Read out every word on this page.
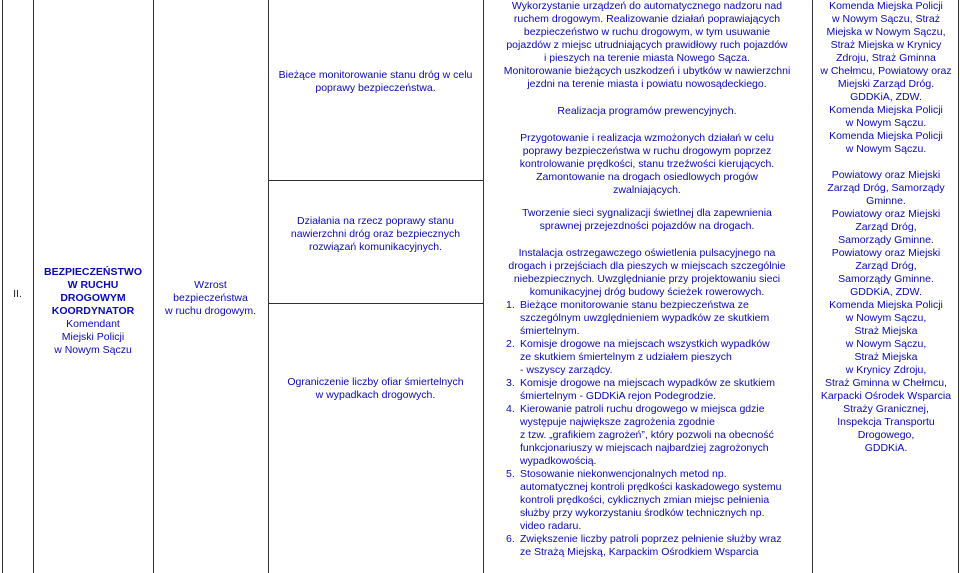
II.
BEZPIECZEŃSTWO
W RUCHU
DROGOWYM
KOORDYNATOR
Komendant
Miejski Policji
w Nowym Sączu
Wzrost
bezpieczeństwa
w ruchu drogowym.
Bieżące monitorowanie stanu dróg w celu
poprawy bezpieczeństwa.
Działania na rzecz poprawy stanu
nawierzchni dróg oraz bezpiecznych
rozwiązań komunikacyjnych.
Ograniczenie liczby ofiar śmiertelnych
w wypadkach drogowych.
Wykorzystanie urządzeń do automatycznego nadzoru nad
ruchem drogowym. Realizowanie działań poprawiających
bezpieczeństwo w ruchu drogowym, w tym usuwanie
pojazdów z miejsc utrudniających prawidłowy ruch pojazdów
i pieszych na terenie miasta Nowego Sącza.
Monitorowanie bieżących uszkodzeń i ubytków w nawierzchni
jezdni na terenie miasta i powiatu nowosądeckiego.
Realizacja programów prewencyjnych.
Przygotowanie i realizacja wzmożonych działań w celu
poprawy bezpieczeństwa w ruchu drogowym poprzez
kontrolowanie prędkości, stanu trzeźwości kierujących.
Zamontowanie na drogach osiedlowych progów
zwalniających.
Tworzenie sieci sygnalizacji świetlnej dla zapewnienia
sprawnej przejezdności pojazdów na drogach.
Instalacja ostrzegawczego oświetlenia pulsacyjnego na
drogach i przejściach dla pieszych w miejscach szczególnie
niebezpiecznych. Uwzględnianie przy projektowaniu sieci
komunikacyjnej dróg budowy ścieżek rowerowych.
1. Bieżące monitorowanie stanu bezpieczeństwa ze
szczególnym uwzględnieniem wypadków ze skutkiem
śmiertelnym.
2. Komisje drogowe na miejscach wszystkich wypadków
ze skutkiem śmiertelnym z udziałem pieszych
- wszyscy zarządcy.
3. Komisje drogowe na miejscach wypadków ze skutkiem
śmiertelnym - GDDKiA rejon Podegrodzie.
4. Kierowanie patroli ruchu drogowego w miejsca gdzie
występuje największe zagrożenia zgodnie
z tzw. „grafikiem zagrożeń”, który pozwoli na obecność
funkcjonariuszy w miejscach najbardziej zagrożonych
wypadkowością.
5. Stosowanie niekonwencjonalnych metod np.
automatycznej kontroli prędkości kaskadowego systemu
kontroli prędkości, cyklicznych zmian miejsc pełnienia
służby przy wykorzystaniu środków technicznych np.
video radaru.
6. Zwiększenie liczby patroli poprzez pełnienie służby wraz
ze Strażą Miejską, Karpackim Ośrodkiem Wsparcia
Komenda Miejska Policji
w Nowym Sączu, Straż
Miejska w Nowym Sączu,
Straż Miejska w Krynicy
Zdroju, Straż Gminna
w Chełmcu, Powiatowy oraz
Miejski Zarząd Dróg.
GDDKiA, ZDW.
Komenda Miejska Policji
w Nowym Sączu.
Komenda Miejska Policji
w Nowym Sączu.
Powiatowy oraz Miejski
Zarząd Dróg, Samorządy
Gminne.
Powiatowy oraz Miejski
Zarząd Dróg,
Samorządy Gminne.
Powiatowy oraz Miejski
Zarząd Dróg,
Samorządy Gminne.
GDDKiA, ZDW.
Komenda Miejska Policji
w Nowym Sączu,
Straż Miejska
w Nowym Sączu,
Straż Miejska
w Krynicy Zdroju,
Straż Gminna w Chełmcu,
Karpacki Ośrodek Wsparcia
Straży Granicznej,
Inspekcja Transportu
Drogowego,
GDDKiA.
